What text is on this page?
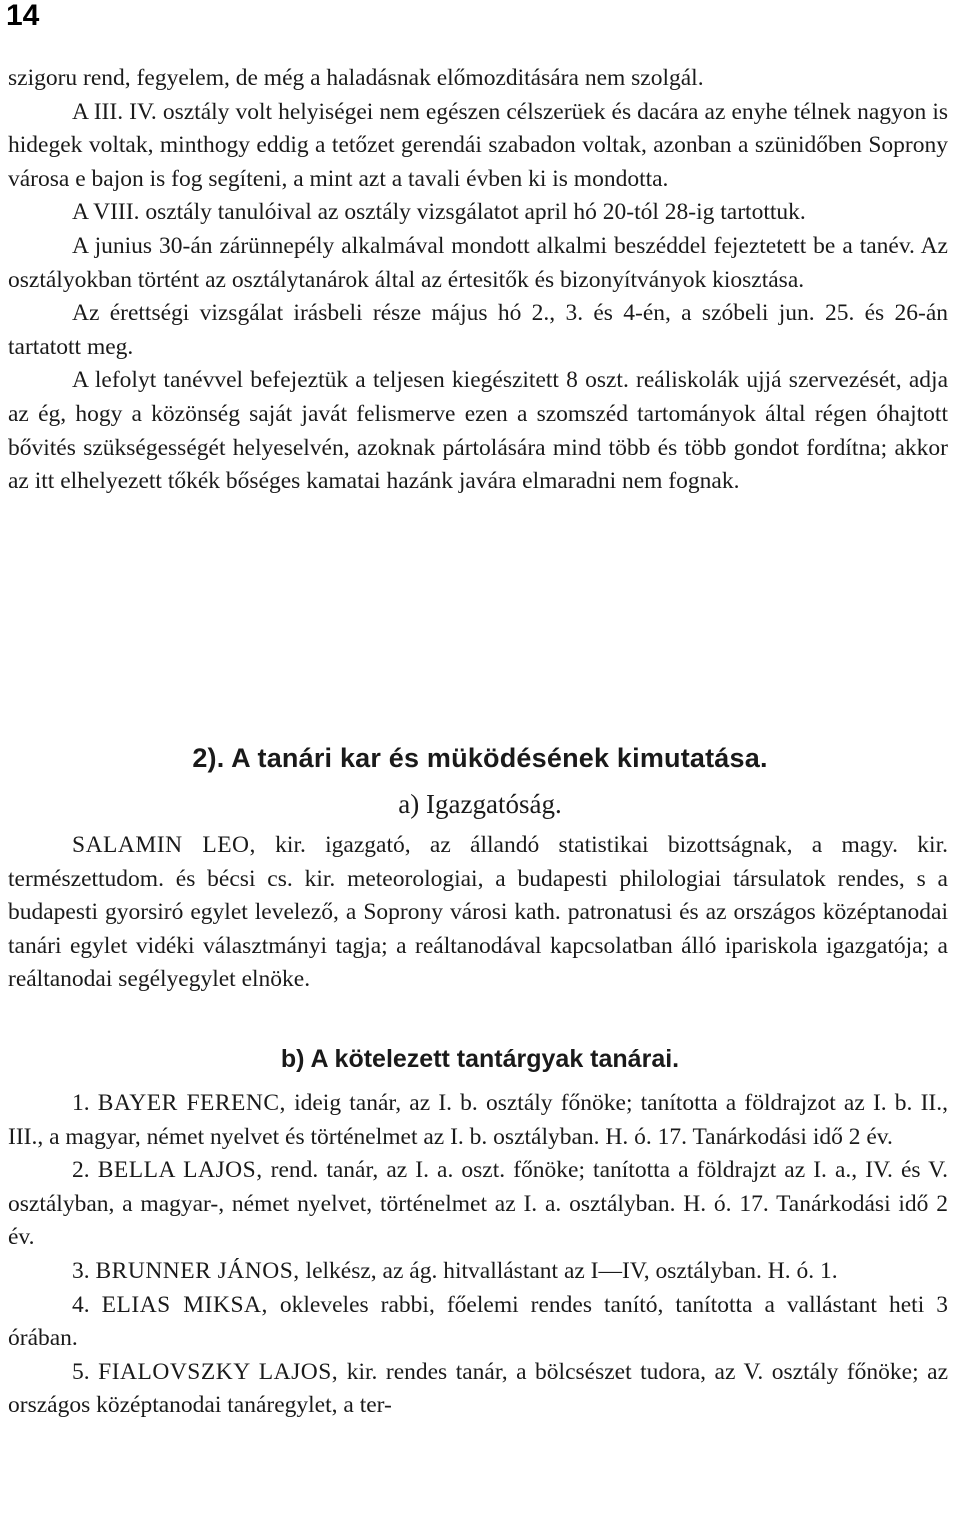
14

szigoru rend, fegyelem, de még a haladásnak előmozditására nem szolgál.

A III. IV. osztály volt helyiségei nem egészen célszerüek és dacára az enyhe télnek nagyon is hidegek voltak, minthogy eddig a tetőzet gerendái szabadon voltak, azonban a szünidőben Soprony városa e bajon is fog segíteni, a mint azt a tavali évben ki is mondotta.

A VIII. osztály tanulóival az osztály vizsgálatot april hó 20-tól 28-ig tartottuk.

A junius 30-án zárünnepély alkalmával mondott alkalmi beszéddel fejeztetett be a tanév. Az osztályokban történt az osztálytanárok által az értesitők és bizonyítványok kiosztása.

Az érettségi vizsgálat irásbeli része május hó 2., 3. és 4-én, a szóbeli jun. 25. és 26-án tartatott meg.

A lefolyt tanévvel befejeztük a teljesen kiegészitett 8 oszt. reáliskolák ujjá szervezését, adja az ég, hogy a közönség saját javát felismerve ezen a szomszéd tartományok által régen óhajtott bővités szükségességét helyeselvén, azoknak pártolására mind több és több gondot fordítna; akkor az itt elhelyezett tőkék bőséges kamatai hazánk javára elmaradni nem fognak.

2). A tanári kar és müködésének kimutatása.
a) Igazgatóság.

SALAMIN LEO, kir. igazgató, az állandó statistikai bizottságnak, a magy. kir. természettudom. és bécsi cs. kir. meteorologiai, a budapesti philologiai társulatok rendes, s a budapesti gyorsiró egylet levelező, a Soprony városi kath. patronatusi és az országos középtanodai tanári egylet vidéki választmányi tagja; a reáltanodával kapcsolatban álló ipariskola igazgatója; a reáltanodai segélyegylet elnöke.

b) A kötelezett tantárgyak tanárai.

1. BAYER FERENC, ideig tanár, az I. b. osztály főnöke; tanította a földrajzot az I. b. II., III., a magyar, német nyelvet és történelmet az I. b. osztályban. H. ó. 17. Tanárkodási idő 2 év.

2. BELLA LAJOS, rend. tanár, az I. a. oszt. főnöke; tanította a földrajzt az I. a., IV. és V. osztályban, a magyar-, német nyelvet, történelmet az I. a. osztályban. H. ó. 17. Tanárkodási idő 2 év.

3. BRUNNER JÁNOS, lelkész, az ág. hitvallástant az I—IV, osztályban. H. ó. 1.

4. ELIAS MIKSA, okleveles rabbi, főelemi rendes tanító, tanította a vallástant heti 3 órában.

5. FIALOVSZKY LAJOS, kir. rendes tanár, a bölcsészet tudora, az V. osztály főnöke; az országos középtanodai tanáregylet, a ter-
